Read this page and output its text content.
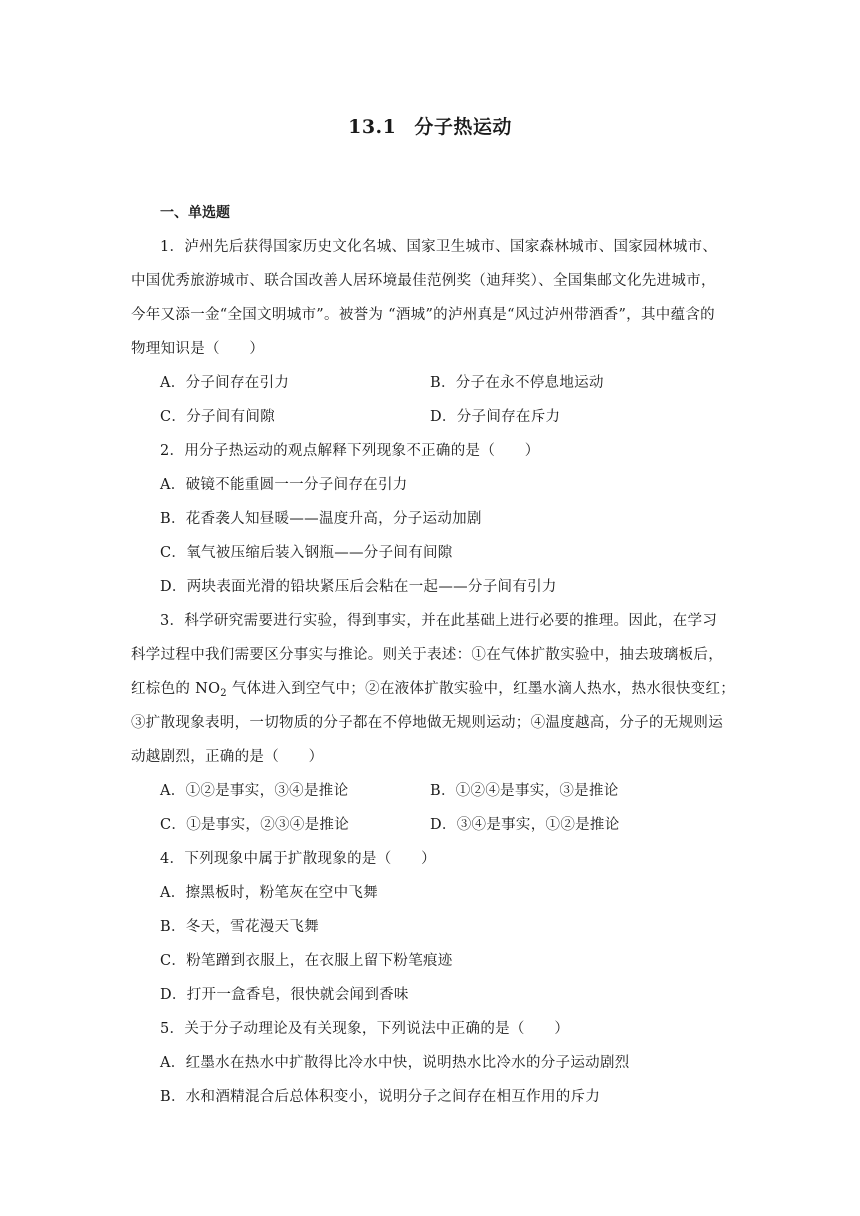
13.1 分子热运动
一、单选题
1．泸州先后获得国家历史文化名城、国家卫生城市、国家森林城市、国家园林城市、
中国优秀旅游城市、联合国改善人居环境最佳范例奖（迪拜奖）、全国集邮文化先进城市，
今年又添一金“全国文明城市”。被誉为 “酒城”的泸州真是“风过泸州带酒香”，其中蕴含的
物理知识是（　　）
A．分子间存在引力	B．分子在永不停息地运动
C．分子间有间隙	D．分子间存在斥力
2．用分子热运动的观点解释下列现象不正确的是（　　）
A．破镜不能重圆一一分子间存在引力
B．花香袭人知昼暖——温度升高，分子运动加剧
C．氧气被压缩后装入钢瓶——分子间有间隙
D．两块表面光滑的铅块紧压后会粘在一起——分子间有引力
3．科学研究需要进行实验，得到事实，并在此基础上进行必要的推理。因此，在学习
科学过程中我们需要区分事实与推论。则关于表述：①在气体扩散实验中，抽去玻璃板后，
红棕色的 $NO_2$ 气体进入到空气中；②在液体扩散实验中，红墨水滴人热水，热水很快变红；
③扩散现象表明，一切物质的分子都在不停地做无规则运动；④温度越高，分子的无规则运
动越剧烈，正确的是（　　）
A．①②是事实，③④是推论	B．①②④是事实，③是推论
C．①是事实，②③④是推论	D．③④是事实，①②是推论
4．下列现象中属于扩散现象的是（　　）
A．擦黑板时，粉笔灰在空中飞舞
B．冬天，雪花漫天飞舞
C．粉笔蹭到衣服上，在衣服上留下粉笔痕迹
D．打开一盒香皂，很快就会闻到香味
5．关于分子动理论及有关现象，下列说法中正确的是（　　）
A．红墨水在热水中扩散得比冷水中快，说明热水比冷水的分子运动剧烈
B．水和酒精混合后总体积变小，说明分子之间存在相互作用的斥力
